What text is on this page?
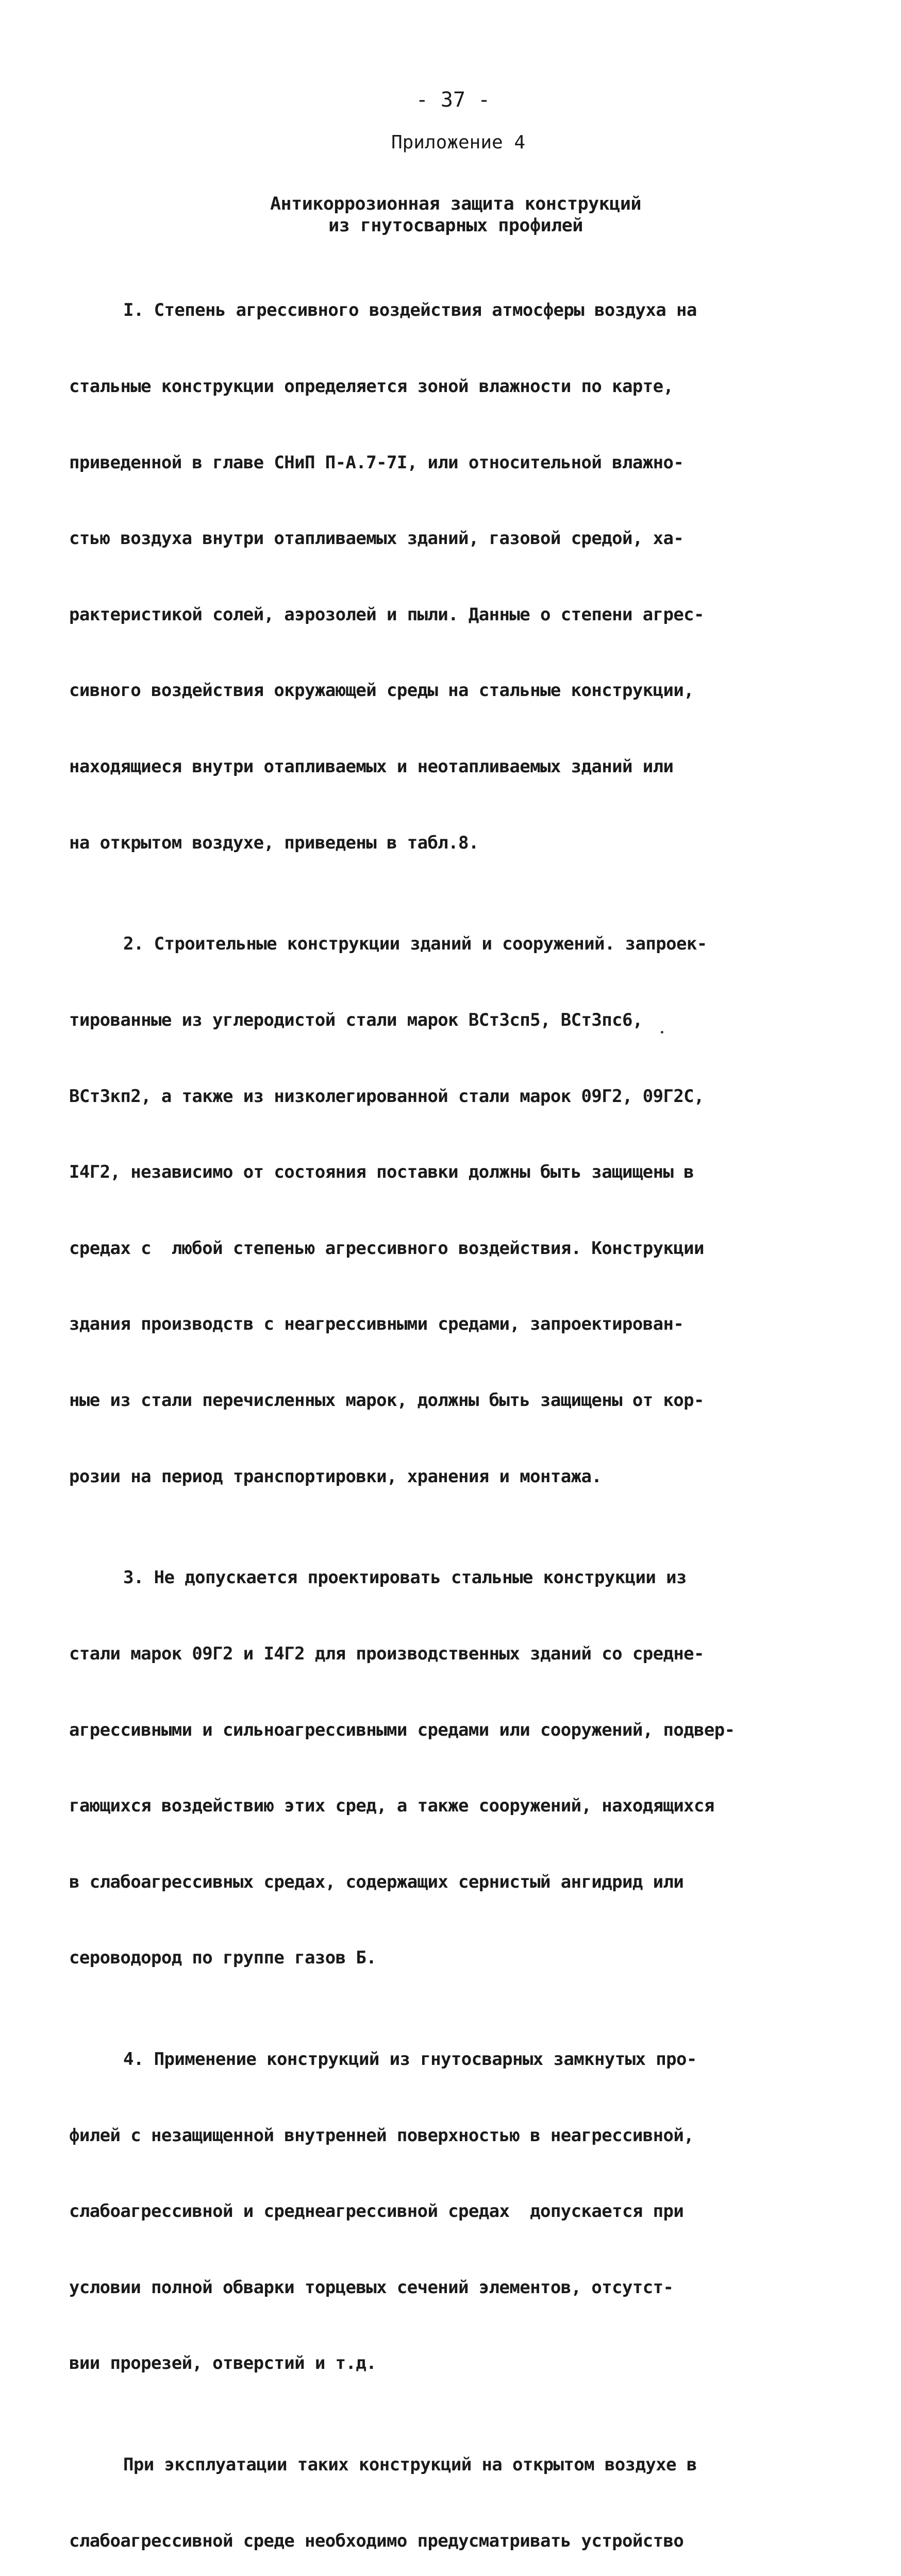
- 37 -
Приложение 4
Антикоррозионная защита конструкций
из гнутосварных профилей

I. Степень агрессивного воздействия атмосферы воздуха на

стальные конструкции определяется зоной влажности по карте,

приведенной в главе СНиП П-А.7-7I, или относительной влажно-

стью воздуха внутри отапливаемых зданий, газовой средой, ха-

рактеристикой солей, аэрозолей и пыли. Данные о степени агрес-

сивного воздействия окружающей среды на стальные конструкции,

находящиеся внутри отапливаемых и неотапливаемых зданий или

на открытом воздухе, приведены в табл.8.

2. Строительные конструкции зданий и сооружений. запроек-

тированные из углеродистой стали марок ВСт3сп5, ВСт3пс6,

ВСт3кп2, а также из низколегированной стали марок 09Г2, 09Г2С,

I4Г2, независимо от состояния поставки должны быть защищены в

средах с  любой степенью агрессивного воздействия. Конструкции

здания производств с неагрессивными средами, запроектирован-

ные из стали перечисленных марок, должны быть защищены от кор-

розии на период транспортировки, хранения и монтажа.

3. Не допускается проектировать стальные конструкции из

стали марок 09Г2 и I4Г2 для производственных зданий со средне-

агрессивными и сильноагрессивными средами или сооружений, подвер-

гающихся воздействию этих сред, а также сооружений, находящихся

в слабоагрессивных средах, содержащих сернистый ангидрид или

сероводород по группе газов Б.

4. Применение конструкций из гнутосварных замкнутых про-

филей с незащищенной внутренней поверхностью в неагрессивной,

слабоагрессивной и среднеагрессивной средах  допускается при

условии полной обварки торцевых сечений элементов, отсутст-

вии прорезей, отверстий и т.д.

При эксплуатации таких конструкций на открытом воздухе в

слабоагрессивной среде необходимо предусматривать устройство
